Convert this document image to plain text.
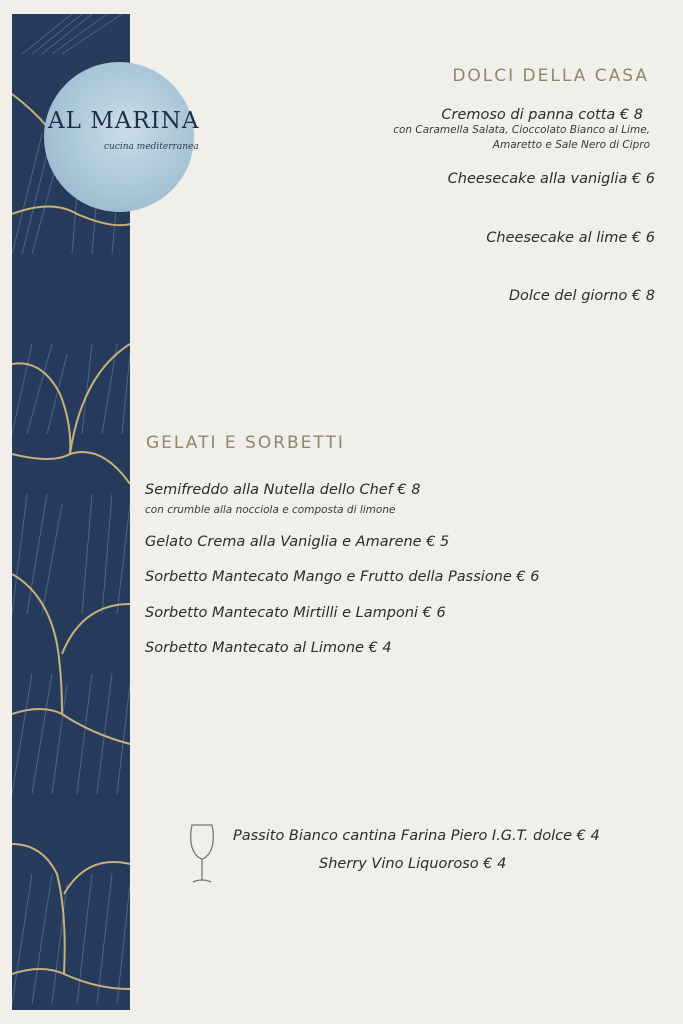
AL MARINA
cucina mediterranea
DOLCI DELLA CASA
Cremoso di panna cotta € 8
con Caramella Salata, Cioccolato Bianco al Lime,
Amaretto e Sale Nero di Cipro
Cheesecake alla vaniglia € 6
Cheesecake al lime € 6
Dolce del giorno € 8
GELATI E SORBETTI
Semifreddo alla Nutella dello Chef € 8
con crumble alla nocciola e composta di limone
Gelato Crema alla Vaniglia e Amarene € 5
Sorbetto Mantecato Mango e Frutto della Passione € 6
Sorbetto Mantecato Mirtilli e Lamponi € 6
Sorbetto Mantecato al Limone € 4
Passito Bianco cantina Farina Piero I.G.T. dolce € 4
Sherry Vino Liquoroso € 4
